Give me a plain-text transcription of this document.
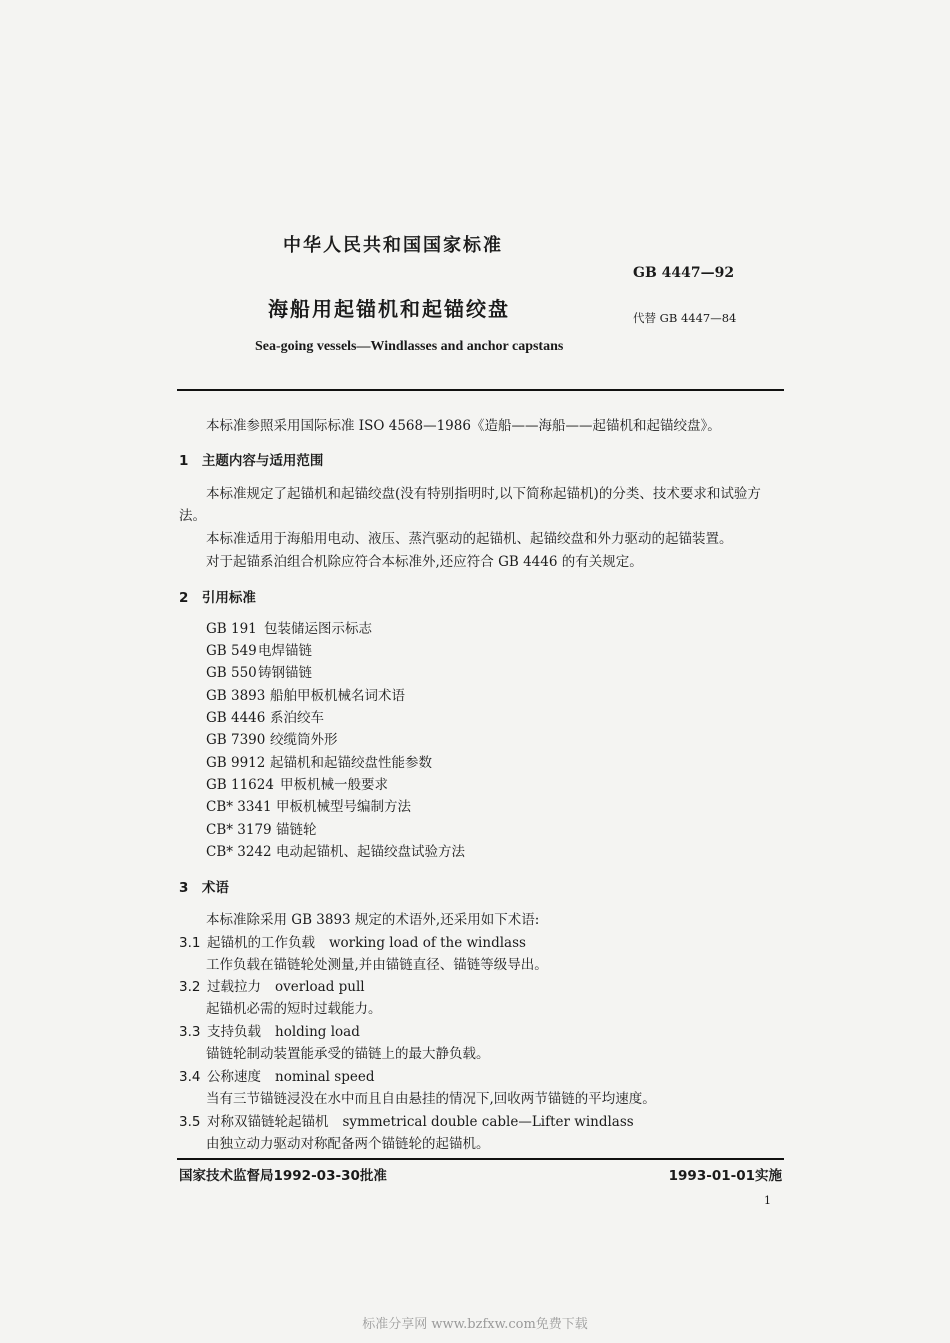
中华人民共和国国家标准
GB 4447—92
海船用起锚机和起锚绞盘	代替 GB 4447—84
Sea-going vessels—Windlasses and anchor capstans
本标准参照采用国际标准 ISO 4568—1986《造船——海船——起锚机和起锚绞盘》。
1　主题内容与适用范围
本标准规定了起锚机和起锚绞盘(没有特别指明时,以下简称起锚机)的分类、技术要求和试验方
法。
本标准适用于海船用电动、液压、蒸汽驱动的起锚机、起锚绞盘和外力驱动的起锚装置。
对于起锚系泊组合机除应符合本标准外,还应符合 GB 4446 的有关规定。
2　引用标准
GB 191 包装储运图示标志
GB 549电焊锚链
GB 550铸钢锚链
GB 3893 船舶甲板机械名词术语
GB 4446 系泊绞车
GB 7390 绞缆筒外形
GB 9912 起锚机和起锚绞盘性能参数
GB 11624 甲板机械一般要求
CB* 3341 甲板机械型号编制方法
CB* 3179 锚链轮
CB* 3242 电动起锚机、起锚绞盘试验方法
3　术语
本标准除采用 GB 3893 规定的术语外,还采用如下术语:
3.1 起锚机的工作负载 working load of the windlass
工作负载在锚链轮处测量,并由锚链直径、锚链等级导出。
3.2 过载拉力 overload pull
起锚机必需的短时过载能力。
3.3 支持负载 holding load
锚链轮制动装置能承受的锚链上的最大静负载。
3.4 公称速度 nominal speed
当有三节锚链浸没在水中而且自由悬挂的情况下,回收两节锚链的平均速度。
3.5 对称双锚链轮起锚机 symmetrical double cable—Lifter windlass
由独立动力驱动对称配备两个锚链轮的起锚机。
国家技术监督局1992-03-30批准	1993-01-01实施
1
标准分享网 www.bzfxw.com免费下载
